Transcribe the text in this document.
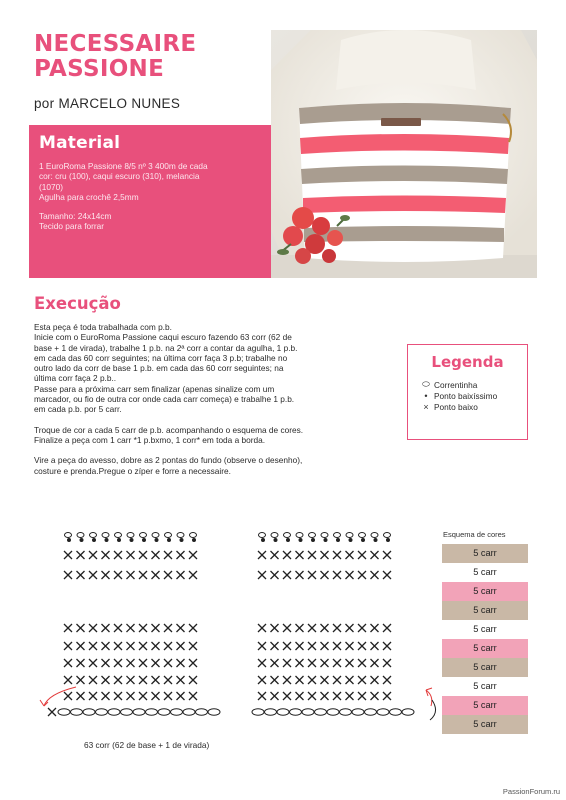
NECESSAIRE
PASSIONE
por MARCELO NUNES
Material

1 EuroRoma Passione 8/5 nº 3 400m de cada

cor: cru (100), caqui escuro (310), melancia

(1070)

Agulha para crochê 2,5mm

Tamanho: 24x14cm

Tecido para forrar

Execução

Esta peça é toda trabalhada com p.b.

Inicie com o EuroRoma Passione caqui escuro fazendo 63 corr (62 de

base + 1 de virada), trabalhe 1 p.b. na 2ª corr a contar da agulha, 1 p.b.

em cada das 60 corr seguintes; na última corr faça 3 p.b; trabalhe no

outro lado da corr de base 1 p.b. em cada das 60 corr seguintes; na

última corr faça 2 p.b..

Passe para a próxima carr sem finalizar (apenas sinalize com um

marcador, ou fio de outra cor onde cada carr começa) e trabalhe 1 p.b.

em cada p.b. por 5 carr.

Troque de cor a cada 5 carr de p.b. acompanhando o esquema de cores.

Finalize a peça com 1 carr *1 p.bxmo, 1 corr* em toda a borda.

Vire a peça do avesso, dobre as 2 pontas do fundo (observe o desenho),

costure e prenda.Pregue o zíper e forre a necessaire.

Legenda
⬭ Correntinha
• Ponto baixíssimo
× Ponto baixo
63 corr (62 de base + 1 de virada)
Esquema de cores
5 carr
5 carr
5 carr
5 carr
5 carr
5 carr
5 carr
5 carr
5 carr
5 carr
PassionForum.ru
